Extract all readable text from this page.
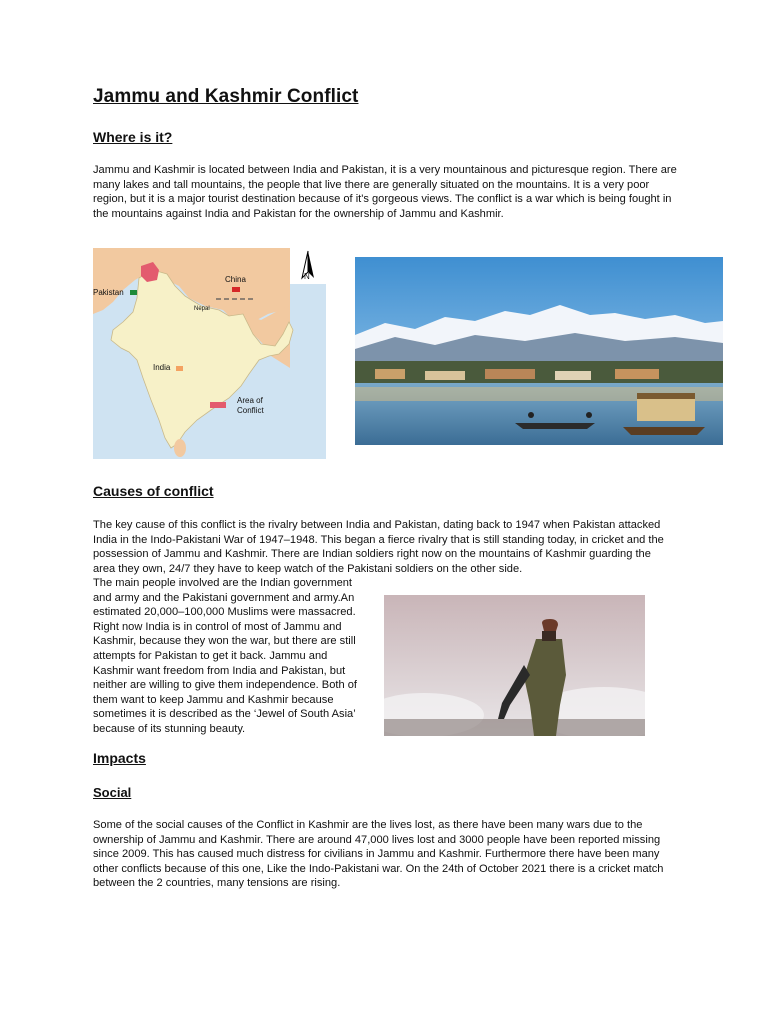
Jammu and Kashmir Conflict
Where is it?

Jammu and Kashmir is located between India and Pakistan, it is a very mountainous and picturesque region. There are many lakes and tall mountains, the people that live there are generally situated on the mountains. It is a very poor region, but it is a major tourist destination because of it's gorgeous views. The conflict is a war which is being fought in the mountains against India and Pakistan for the ownership of Jammu and Kashmir.

Pakistan
China
Nepal
India
Area of Conflict
N
Causes of conflict

The key cause of this conflict is the rivalry between India and Pakistan, dating back to 1947 when Pakistan attacked India in the Indo-Pakistani War of 1947–1948. This began a fierce rivalry that is still standing today, in cricket and the possession of Jammu and Kashmir. There are Indian soldiers right now on the mountains of Kashmir guarding the area they own, 24/7 they have to keep watch of the Pakistani soldiers on the other side.

The main people involved are the Indian government and army and the Pakistani government and army.An estimated 20,000–100,000 Muslims were massacred. Right now India is in control of most of Jammu and Kashmir, because they won the war, but there are still attempts for Pakistan to get it back. Jammu and Kashmir want freedom from India and Pakistan, but neither are willing to give them independence. Both of them want to keep Jammu and Kashmir because sometimes it is described as the ‘Jewel of South Asia’ because of its stunning beauty.

Impacts
Social

Some of the social causes of the Conflict in Kashmir are the lives lost, as there have been many wars due to the ownership of Jammu and Kashmir. There are around 47,000 lives lost and 3000 people have been reported missing since 2009. This has caused much distress for civilians in Jammu and Kashmir. Furthermore there have been many other conflicts because of this one, Like the Indo-Pakistani war. On the 24th of October 2021 there is a cricket match between the 2 countries, many tensions are rising.
